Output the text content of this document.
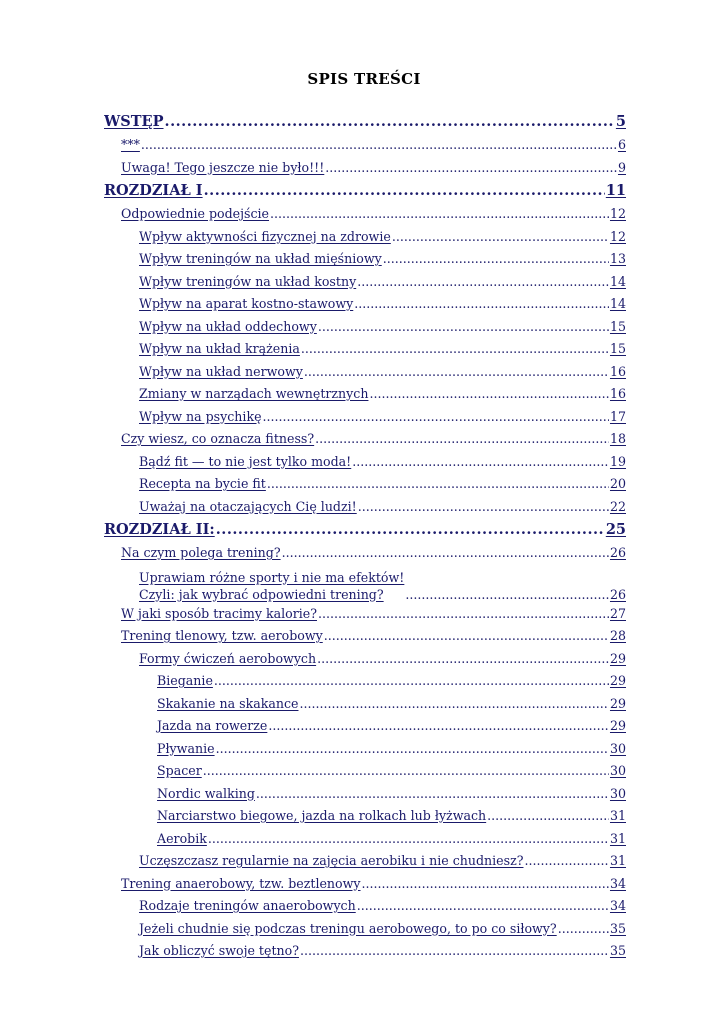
SPIS TREŚCI
WSTĘP .....	5
*** .....	6
Uwaga! Tego jeszcze nie było!!! .....	9
ROZDZIAŁ I .....	11
Odpowiednie podejście .....	12
Wpływ aktywności fizycznej na zdrowie .....	12
Wpływ treningów na układ mięśniowy .....	13
Wpływ treningów na układ kostny .....	14
Wpływ na aparat kostno-stawowy .....	14
Wpływ na układ oddechowy .....	15
Wpływ na układ krążenia .....	15
Wpływ na układ nerwowy .....	16
Zmiany w narządach wewnętrznych .....	16
Wpływ na psychikę .....	17
Czy wiesz, co oznacza fitness? .....	18
Bądź fit — to nie jest tylko moda! .....	19
Recepta na bycie fit .....	20
Uważaj na otaczających Cię ludzi! .....	22
ROZDZIAŁ II: .....	25
Na czym polega trening? .....	26
Uprawiam różne sporty i nie ma efektów!
Czyli: jak wybrać odpowiedni trening? .....	26
W jaki sposób tracimy kalorie? .....	27
Trening tlenowy, tzw. aerobowy .....	28
Formy ćwiczeń aerobowych .....	29
Bieganie .....	29
Skakanie na skakance .....	29
Jazda na rowerze .....	29
Pływanie .....	30
Spacer .....	30
Nordic walking .....	30
Narciarstwo biegowe, jazda na rolkach lub łyżwach .....	31
Aerobik .....	31
Uczęszczasz regularnie na zajęcia aerobiku i nie chudniesz? .....	31
Trening anaerobowy, tzw. beztlenowy .....	34
Rodzaje treningów anaerobowych .....	34
Jeżeli chudnie się podczas treningu aerobowego, to po co siłowy? .....	35
Jak obliczyć swoje tętno? .....	35
